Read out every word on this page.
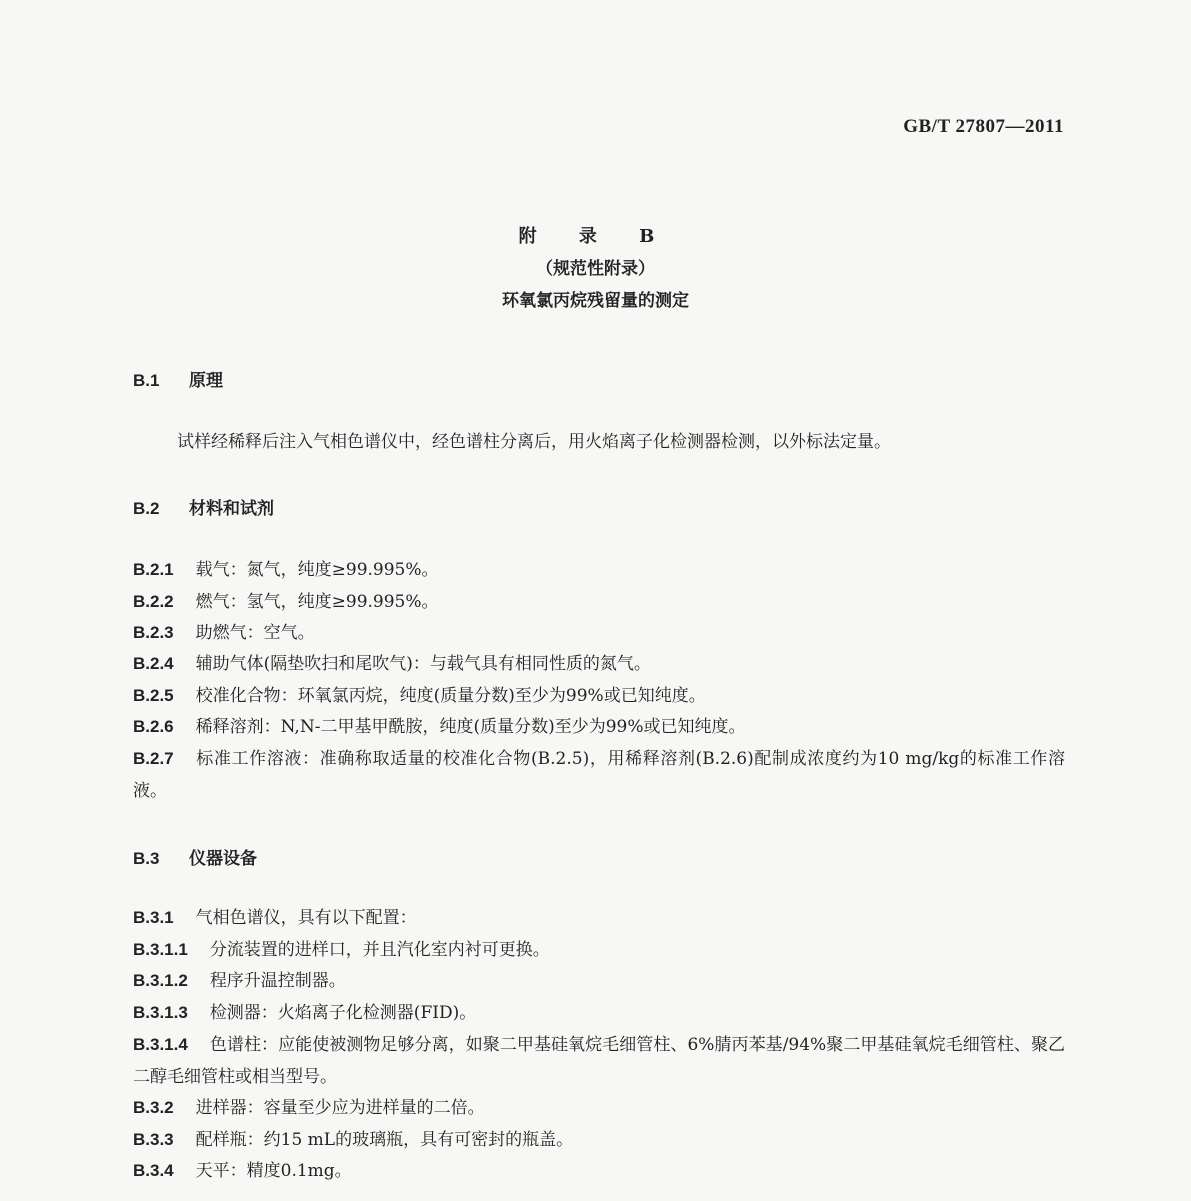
GB/T 27807—2011
附 录 B
（规范性附录）
环氧氯丙烷残留量的测定
B.1 原理
试样经稀释后注入气相色谱仪中，经色谱柱分离后，用火焰离子化检测器检测，以外标法定量。
B.2 材料和试剂
B.2.1 载气：氮气，纯度≥99.995%。
B.2.2 燃气：氢气，纯度≥99.995%。
B.2.3 助燃气：空气。
B.2.4 辅助气体(隔垫吹扫和尾吹气)：与载气具有相同性质的氮气。
B.2.5 校准化合物：环氧氯丙烷，纯度(质量分数)至少为99%或已知纯度。
B.2.6 稀释溶剂：N,N-二甲基甲酰胺，纯度(质量分数)至少为99%或已知纯度。
B.2.7 标准工作溶液：准确称取适量的校准化合物(B.2.5)，用稀释溶剂(B.2.6)配制成浓度约为10 mg/kg的标准工作溶液。
B.3 仪器设备
B.3.1 气相色谱仪，具有以下配置：
B.3.1.1 分流装置的进样口，并且汽化室内衬可更换。
B.3.1.2 程序升温控制器。
B.3.1.3 检测器：火焰离子化检测器(FID)。
B.3.1.4 色谱柱：应能使被测物足够分离，如聚二甲基硅氧烷毛细管柱、6%腈丙苯基/94%聚二甲基硅氧烷毛细管柱、聚乙二醇毛细管柱或相当型号。
B.3.2 进样器：容量至少应为进样量的二倍。
B.3.3 配样瓶：约15 mL的玻璃瓶，具有可密封的瓶盖。
B.3.4 天平：精度0.1mg。
